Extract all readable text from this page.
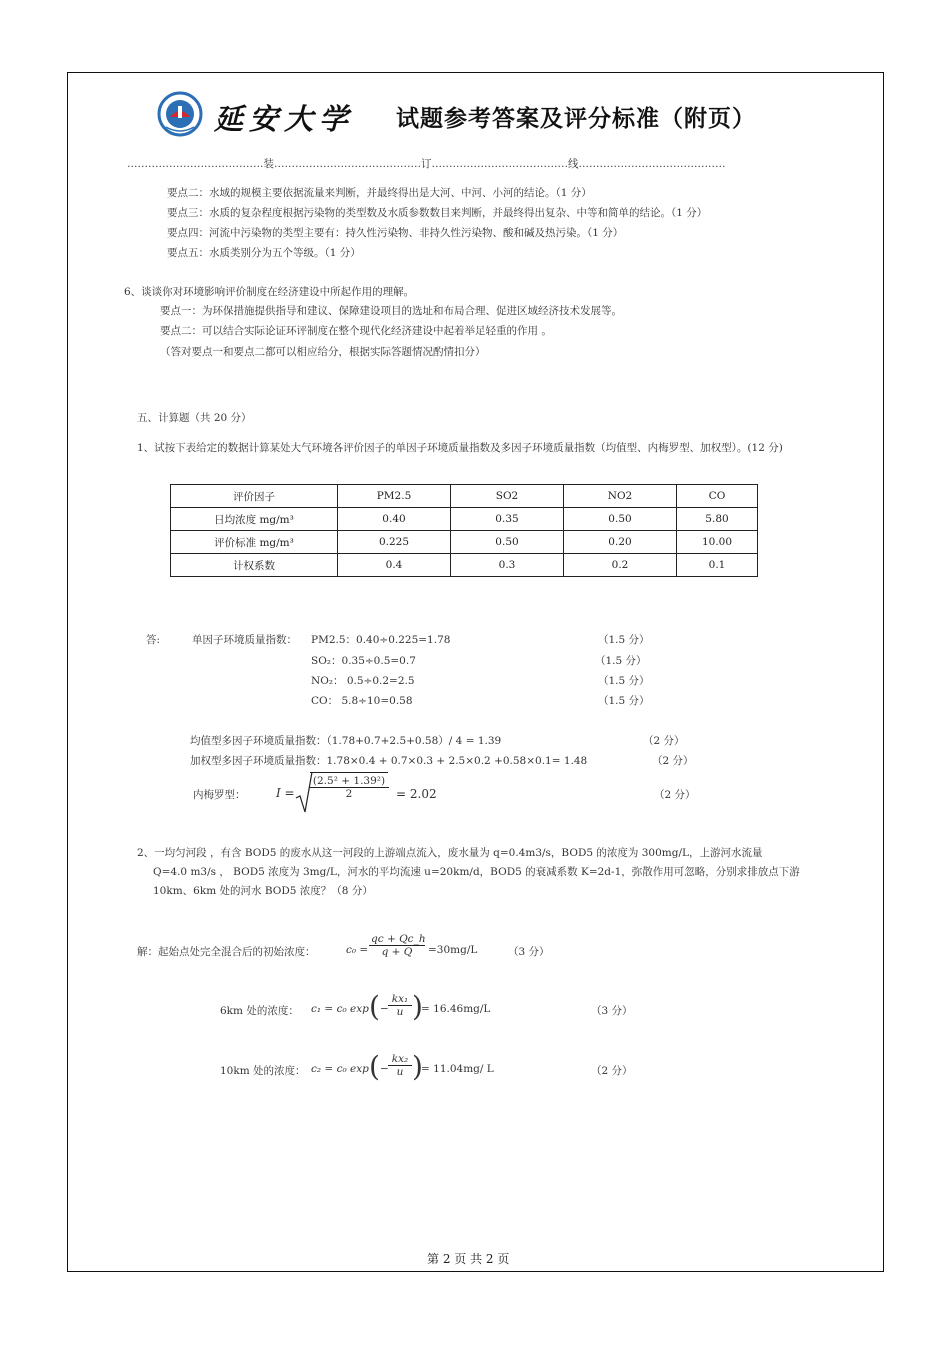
延安大学 试题参考答案及评分标准（附页）
…………………………………装……………………………………订…………………………………线……………………………………
要点二：水域的规模主要依据流量来判断，并最终得出是大河、中河、小河的结论。（1 分）
要点三：水质的复杂程度根据污染物的类型数及水质参数数目来判断，并最终得出复杂、中等和简单的结论。（1 分）
要点四：河流中污染物的类型主要有：持久性污染物、非持久性污染物、酸和碱及热污染。（1 分）
要点五：水质类别分为五个等级。（1 分）
6、谈谈你对环境影响评价制度在经济建设中所起作用的理解。
要点一：为环保措施提供指导和建议、保障建设项目的选址和布局合理、促进区域经济技术发展等。
要点二：可以结合实际论证环评制度在整个现代化经济建设中起着举足轻重的作用 。
（答对要点一和要点二都可以相应给分，根据实际答题情况酌情扣分）
五、计算题（共 20 分）
1、试按下表给定的数据计算某处大气环境各评价因子的单因子环境质量指数及多因子环境质量指数（均值型、内梅罗型、加权型）。(12 分)
评价因子	PM2.5	SO2	NO2	CO
日均浓度 mg/m³	0.40	0.35	0.50	5.80
评价标准 mg/m³	0.225	0.50	0.20	10.00
计权系数	0.4	0.3	0.2	0.1
答:	单因子环境质量指数： PM2.5：0.40÷0.225=1.78	（1.5 分）
SO₂：0.35÷0.5=0.7	（1.5 分）
NO₂： 0.5÷0.2=2.5	（1.5 分）
CO： 5.8÷10=0.58	（1.5 分）
均值型多因子环境质量指数：（1.78+0.7+2.5+0.58）/ 4 = 1.39	（2 分）
加权型多因子环境质量指数：1.78×0.4 + 0.7×0.3 + 2.5×0.2 +0.58×0.1= 1.48	（2 分）
内梅罗型：	$I = \frac{\text{(2.5² + 1.39²)}}{2} = 2.02$	（2 分）
2、一均匀河段 ，有含 BOD5 的废水从这一河段的上游端点流入，废水量为 q=0.4m3/s，BOD5 的浓度为 300mg/L，上游河水流量
Q=4.0 m3/s ， BOD5 浓度为 3mg/L，河水的平均流速 u=20km/d，BOD5 的衰减系数 K=2d-1，弥散作用可忽略，分别求排放点下游
10km、6km 处的河水 BOD5 浓度？（8 分）
解：起始点处完全混合后的初始浓度：	$c_0 = \frac{qc + Qc\_h}{q + Q} =30mg/L$	（3 分）
6km 处的浓度： c₁ = c₀ exp ( − $\frac{\text{kx₁}}{u}$ )
= 16.46mg/L	（3 分）
10km 处的浓度： c₂ = c₀ exp ( − $\frac{\text{kx₂}}{u}$ )
= 11.04mg/ L	（2 分）
第 2 页 共 2 页
